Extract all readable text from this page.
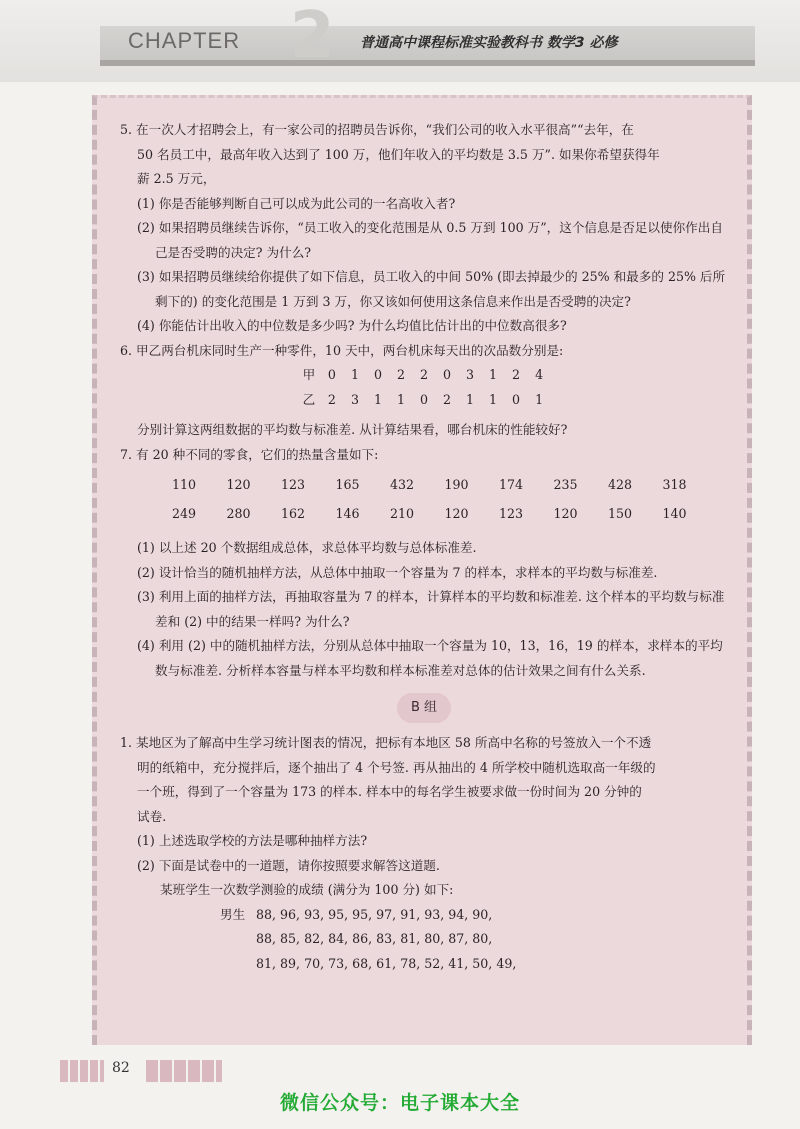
2
CHAPTER	普通高中课程标准实验教科书 数学3 必修

5. 在一次人才招聘会上，有一家公司的招聘员告诉你，“我们公司的收入水平很高”“去年，在

50 名员工中，最高年收入达到了 100 万，他们年收入的平均数是 3.5 万”. 如果你希望获得年

薪 2.5 万元，

(1) 你是否能够判断自己可以成为此公司的一名高收入者?

(2) 如果招聘员继续告诉你，“员工收入的变化范围是从 0.5 万到 100 万”，这个信息是否足以使你作出自己是否受聘的决定? 为什么?

(3) 如果招聘员继续给你提供了如下信息，员工收入的中间 50% (即去掉最少的 25% 和最多的 25% 后所剩下的) 的变化范围是 1 万到 3 万，你又该如何使用这条信息来作出是否受聘的决定?

(4) 你能估计出收入的中位数是多少吗? 为什么均值比估计出的中位数高很多?

6. 甲乙两台机床同时生产一种零件，10 天中，两台机床每天出的次品数分别是:

甲 0 1 0 2 2 0 3 1 2 4
乙 2 3 1 1 0 2 1 1 0 1

分别计算这两组数据的平均数与标准差. 从计算结果看，哪台机床的性能较好?

7. 有 20 种不同的零食，它们的热量含量如下:

110	120	123	165	432	190	174	235	428	318
249	280	162	146	210	120	123	120	150	140

(1) 以上述 20 个数据组成总体，求总体平均数与总体标准差.

(2) 设计恰当的随机抽样方法，从总体中抽取一个容量为 7 的样本，求样本的平均数与标准差.

(3) 利用上面的抽样方法，再抽取容量为 7 的样本，计算样本的平均数和标准差. 这个样本的平均数与标准差和 (2) 中的结果一样吗? 为什么?

(4) 利用 (2) 中的随机抽样方法，分别从总体中抽取一个容量为 10，13，16，19 的样本，求样本的平均数与标准差. 分析样本容量与样本平均数和样本标准差对总体的估计效果之间有什么关系.

B 组

1. 某地区为了解高中生学习统计图表的情况，把标有本地区 58 所高中名称的号签放入一个不透

明的纸箱中，充分搅拌后，逐个抽出了 4 个号签. 再从抽出的 4 所学校中随机选取高一年级的

一个班，得到了一个容量为 173 的样本. 样本中的每名学生被要求做一份时间为 20 分钟的

试卷.

(1) 上述选取学校的方法是哪种抽样方法?

(2) 下面是试卷中的一道题，请你按照要求解答这道题.

某班学生一次数学测验的成绩 (满分为 100 分) 如下:

男生 88, 96, 93, 95, 95, 97, 91, 93, 94, 90,
88, 85, 82, 84, 86, 83, 81, 80, 87, 80,
81, 89, 70, 73, 68, 61, 78, 52, 41, 50, 49,
82
微信公众号：电子课本大全
